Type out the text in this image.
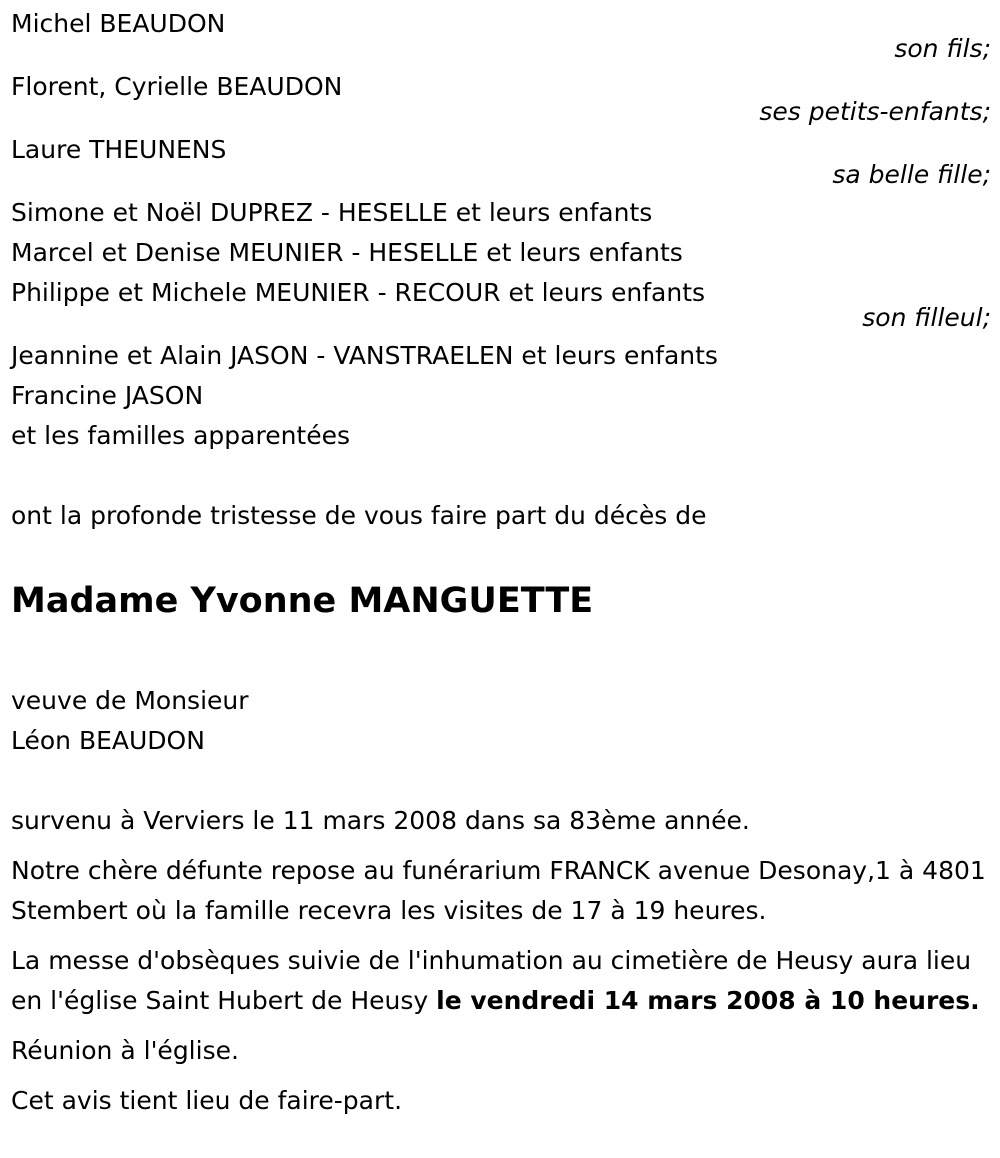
Michel BEAUDON
son fils;
Florent, Cyrielle BEAUDON
ses petits-enfants;
Laure THEUNENS
sa belle fille;
Simone et Noël DUPREZ - HESELLE et leurs enfants
Marcel et Denise MEUNIER - HESELLE et leurs enfants
Philippe et Michele MEUNIER - RECOUR et leurs enfants
son filleul;
Jeannine et Alain JASON - VANSTRAELEN et leurs enfants
Francine JASON
et les familles apparentées
ont la profonde tristesse de vous faire part du décès de
Madame Yvonne MANGUETTE
veuve de Monsieur
Léon BEAUDON
survenu à Verviers le 11 mars 2008 dans sa 83ème année.
Notre chère défunte repose au funérarium FRANCK avenue Desonay,1 à 4801 Stembert où la famille recevra les visites de 17 à 19 heures.
La messe d'obsèques suivie de l'inhumation au cimetière de Heusy aura lieu en l'église Saint Hubert de Heusy le vendredi 14 mars 2008 à 10 heures.
Réunion à l'église.
Cet avis tient lieu de faire-part.
